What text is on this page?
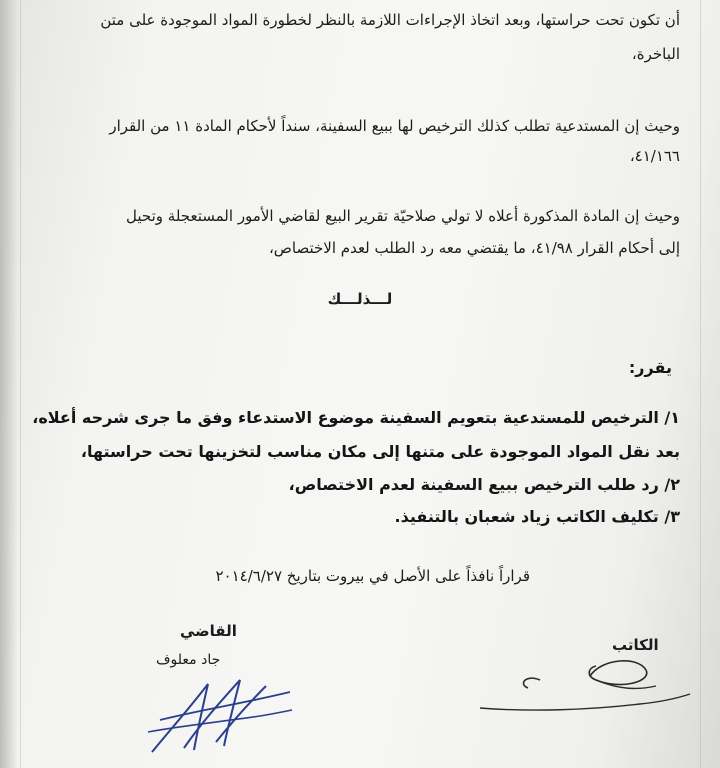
أن تكون تحت حراستها، وبعد اتخاذ الإجراءات اللازمة بالنظر لخطورة المواد الموجودة على متن
الباخرة،
وحيث إن المستدعية تطلب كذلك الترخيص لها ببيع السفينة، سنداً لأحكام المادة ١١ من القرار
٤١/١٦٦،
وحيث إن المادة المذكورة أعلاه لا تولي صلاحيّة تقرير البيع لقاضي الأمور المستعجلة وتحيل
إلى أحكام القرار ٤١/٩٨، ما يقتضي معه رد الطلب لعدم الاختصاص،
لـــذلـــك
يقرر:
١/ الترخيص للمستدعية بتعويم السفينة موضوع الاستدعاء وفق ما جرى شرحه أعلاه،
بعد نقل المواد الموجودة على متنها إلى مكان مناسب لتخزينها تحت حراستها،
٢/ رد طلب الترخيص ببيع السفينة لعدم الاختصاص،
٣/ تكليف الكاتب زياد شعبان بالتنفيذ.
قراراً نافذاً على الأصل في بيروت بتاريخ ٢٠١٤/٦/٢٧
القاضي
جاد معلوف
الكاتب
